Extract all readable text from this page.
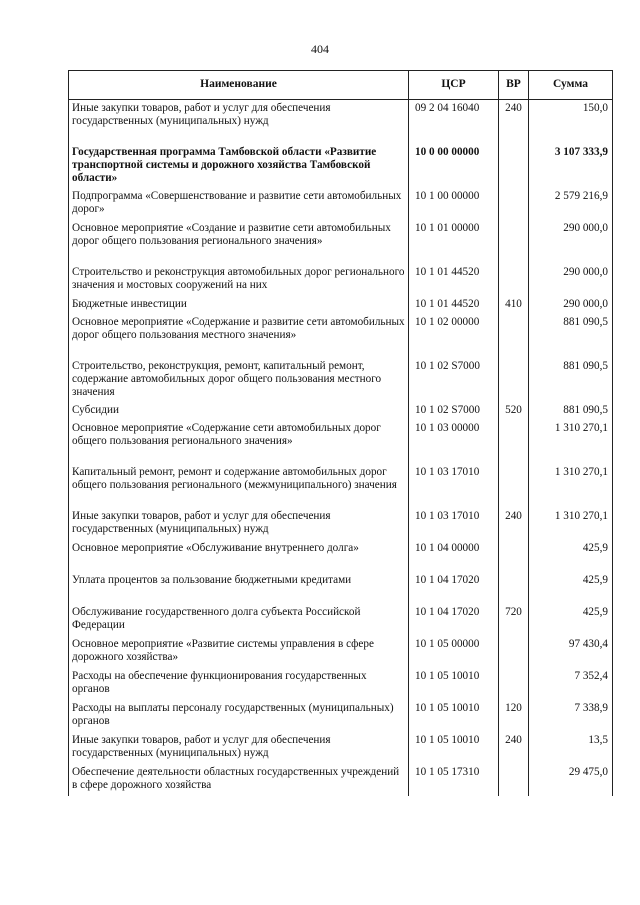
404
Наименование	ЦСР	ВР	Сумма
Иные закупки товаров, работ и услуг для обеспечения государственных (муниципальных) нужд	09 2 04 16040	240	150,0
Государственная программа Тамбовской области «Развитие транспортной системы и дорожного хозяйства Тамбовской области»	10 0 00 00000		3 107 333,9
Подпрограмма «Совершенствование и развитие сети автомобильных дорог»	10 1 00 00000		2 579 216,9
Основное мероприятие «Создание и развитие сети автомобильных дорог общего пользования регионального значения»	10 1 01 00000		290 000,0
Строительство и реконструкция автомобильных дорог регионального значения и мостовых сооружений на них	10 1 01 44520		290 000,0
Бюджетные инвестиции	10 1 01 44520	410	290 000,0
Основное мероприятие «Содержание и развитие сети автомобильных дорог общего пользования местного значения»	10 1 02 00000		881 090,5
Строительство, реконструкция, ремонт, капитальный ремонт, содержание автомобильных дорог общего пользования местного значения	10 1 02 S7000		881 090,5
Субсидии	10 1 02 S7000	520	881 090,5
Основное мероприятие «Содержание сети автомобильных дорог общего пользования регионального значения»	10 1 03 00000		1 310 270,1
Капитальный ремонт, ремонт и содержание автомобильных дорог общего пользования регионального (межмуниципального) значения	10 1 03 17010		1 310 270,1
Иные закупки товаров, работ и услуг для обеспечения государственных (муниципальных) нужд	10 1 03 17010	240	1 310 270,1
Основное мероприятие «Обслуживание внутреннего долга»	10 1 04 00000		425,9
Уплата процентов за пользование бюджетными кредитами	10 1 04 17020		425,9
Обслуживание государственного долга субъекта Российской Федерации	10 1 04 17020	720	425,9
Основное мероприятие «Развитие системы управления в сфере дорожного хозяйства»	10 1 05 00000		97 430,4
Расходы на обеспечение функционирования государственных органов	10 1 05 10010		7 352,4
Расходы на выплаты персоналу государственных (муниципальных) органов	10 1 05 10010	120	7 338,9
Иные закупки товаров, работ и услуг для обеспечения государственных (муниципальных) нужд	10 1 05 10010	240	13,5
Обеспечение деятельности областных государственных учреждений в сфере дорожного хозяйства	10 1 05 17310		29 475,0
